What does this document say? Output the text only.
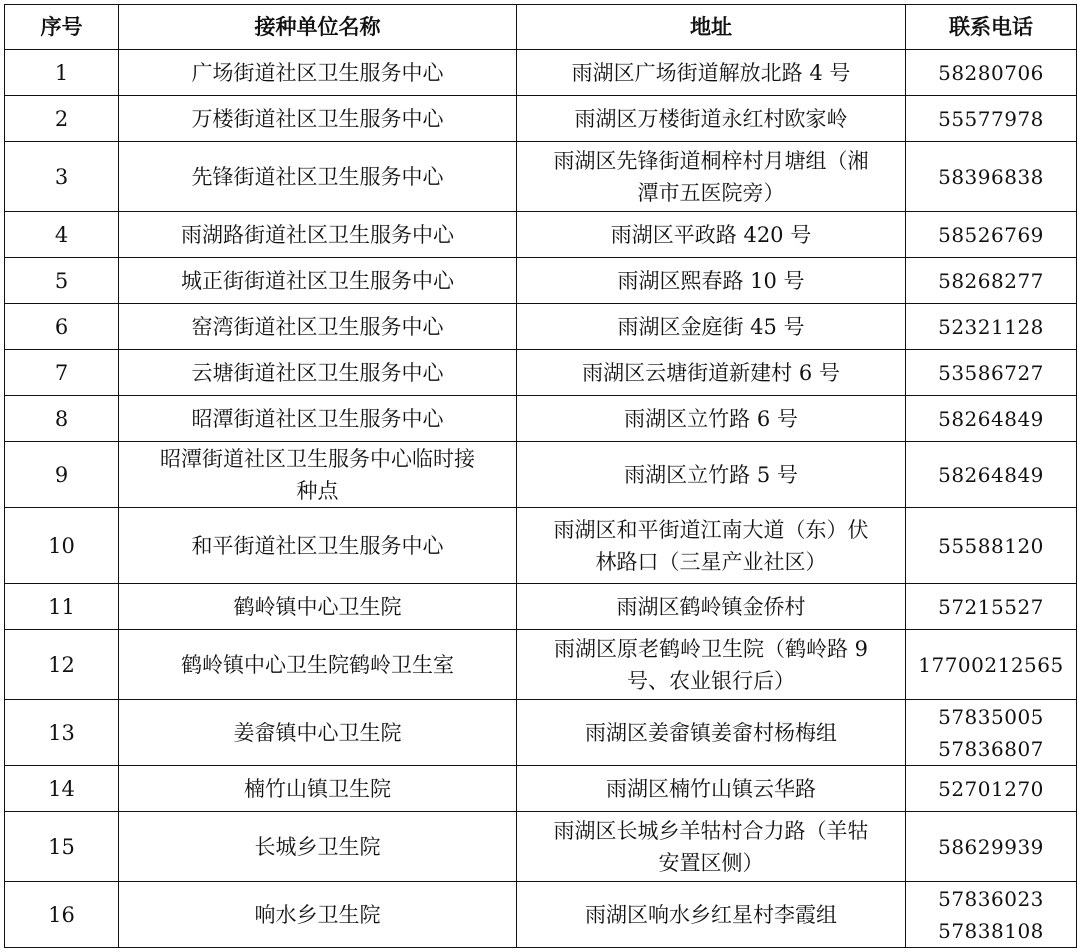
序号	接种单位名称	地址	联系电话
1	广场街道社区卫生服务中心	雨湖区广场街道解放北路 4 号	58280706

2	万楼街道社区卫生服务中心	雨湖区万楼街道永红村欧家岭	55577978

3	先锋街道社区卫生服务中心	雨湖区先锋街道桐梓村月塘组（湘
潭市五医院旁）	58396838

4	雨湖路街道社区卫生服务中心	雨湖区平政路 420 号	58526769

5	城正街街道社区卫生服务中心	雨湖区熙春路 10 号	58268277

6	窑湾街道社区卫生服务中心	雨湖区金庭街 45 号	52321128

7	云塘街道社区卫生服务中心	雨湖区云塘街道新建村 6 号	53586727

8	昭潭街道社区卫生服务中心	雨湖区立竹路 6 号	58264849

9	昭潭街道社区卫生服务中心临时接
种点	雨湖区立竹路 5 号	58264849

10	和平街道社区卫生服务中心	雨湖区和平街道江南大道（东）伏
林路口（三星产业社区）	55588120

11	鹤岭镇中心卫生院	雨湖区鹤岭镇金侨村	57215527

12	鹤岭镇中心卫生院鹤岭卫生室	雨湖区原老鹤岭卫生院（鹤岭路 9
号、农业银行后）	17700212565

13	姜畲镇中心卫生院	雨湖区姜畲镇姜畲村杨梅组	57835005
57836807

14	楠竹山镇卫生院	雨湖区楠竹山镇云华路	52701270

15	长城乡卫生院	雨湖区长城乡羊牯村合力路（羊牯
安置区侧）	58629939

16	响水乡卫生院	雨湖区响水乡红星村李霞组	57836023
57838108
